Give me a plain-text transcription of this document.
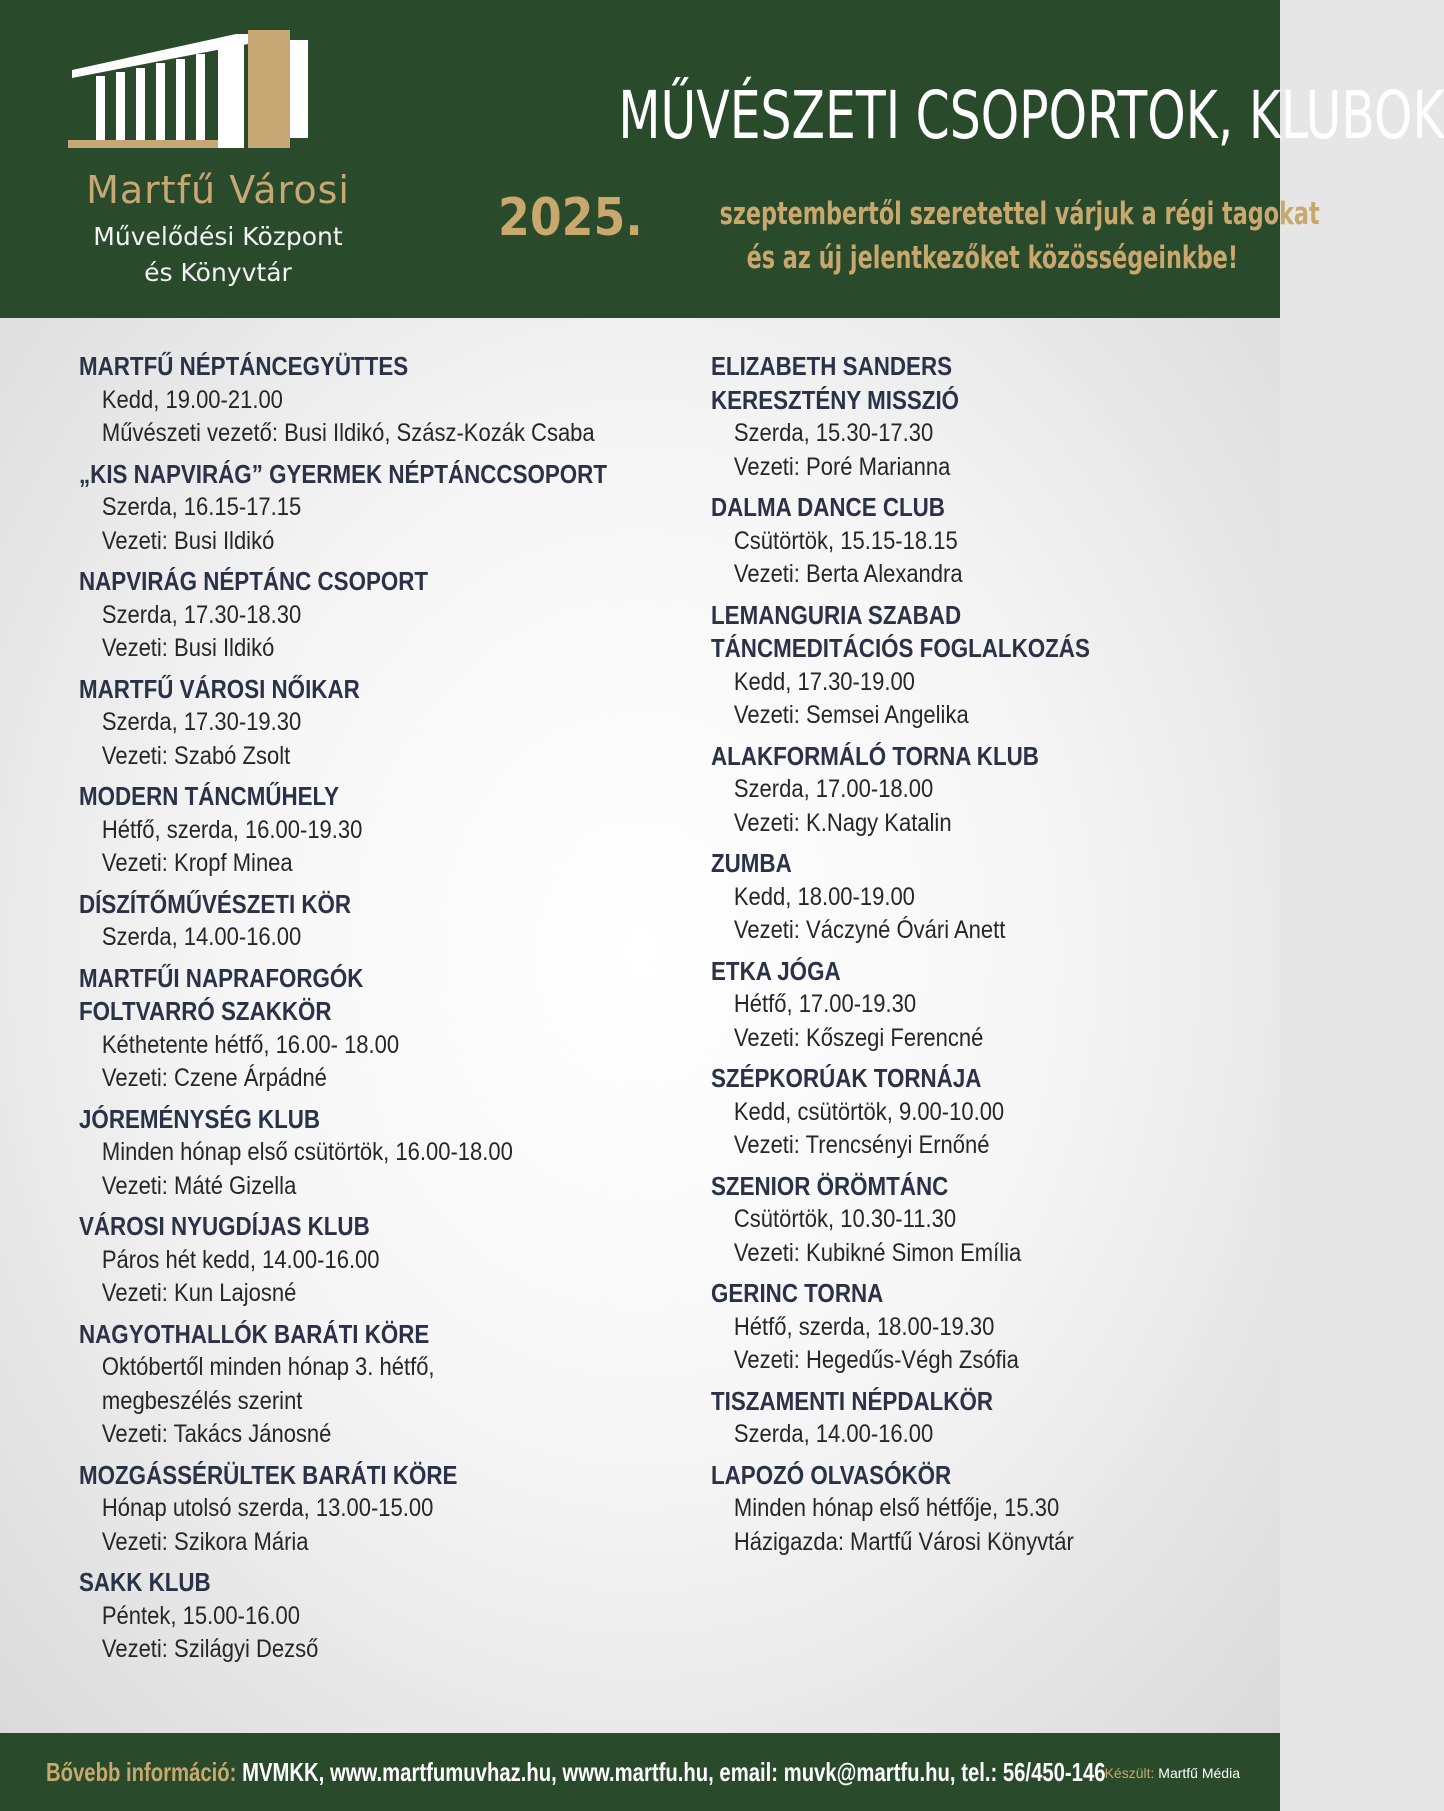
Martfű Városi
Művelődési Központ
és Könyvtár
MŰVÉSZETI CSOPORTOK, KLUBOK
2025. szeptembertől szeretettel várjuk a régi tagokat
és az új jelentkezőket közösségeinkbe!
MARTFŰ NÉPTÁNCEGYÜTTES
Kedd, 19.00-21.00
Művészeti vezető: Busi Ildikó, Szász-Kozák Csaba
„KIS NAPVIRÁG” GYERMEK NÉPTÁNCCSOPORT
Szerda, 16.15-17.15
Vezeti: Busi Ildikó
NAPVIRÁG NÉPTÁNC CSOPORT
Szerda, 17.30-18.30
Vezeti: Busi Ildikó
MARTFŰ VÁROSI NŐIKAR
Szerda, 17.30-19.30
Vezeti: Szabó Zsolt
MODERN TÁNCMŰHELY
Hétfő, szerda, 16.00-19.30
Vezeti: Kropf Minea
DÍSZÍTŐMŰVÉSZETI KÖR
Szerda, 14.00-16.00
MARTFŰI NAPRAFORGÓK
FOLTVARRÓ SZAKKÖR
Kéthetente hétfő, 16.00- 18.00
Vezeti: Czene Árpádné
JÓREMÉNYSÉG KLUB
Minden hónap első csütörtök, 16.00-18.00
Vezeti: Máté Gizella
VÁROSI NYUGDÍJAS KLUB
Páros hét kedd, 14.00-16.00
Vezeti: Kun Lajosné
NAGYOTHALLÓK BARÁTI KÖRE
Októbertől minden hónap 3. hétfő,
megbeszélés szerint
Vezeti: Takács Jánosné
MOZGÁSSÉRÜLTEK BARÁTI KÖRE
Hónap utolsó szerda, 13.00-15.00
Vezeti: Szikora Mária
SAKK KLUB
Péntek, 15.00-16.00
Vezeti: Szilágyi Dezső
ELIZABETH SANDERS
KERESZTÉNY MISSZIÓ
Szerda, 15.30-17.30
Vezeti: Poré Marianna
DALMA DANCE CLUB
Csütörtök, 15.15-18.15
Vezeti: Berta Alexandra
LEMANGURIA SZABAD
TÁNCMEDITÁCIÓS FOGLALKOZÁS
Kedd, 17.30-19.00
Vezeti: Semsei Angelika
ALAKFORMÁLÓ TORNA KLUB
Szerda, 17.00-18.00
Vezeti: K.Nagy Katalin
ZUMBA
Kedd, 18.00-19.00
Vezeti: Váczyné Óvári Anett
ETKA JÓGA
Hétfő, 17.00-19.30
Vezeti: Kőszegi Ferencné
SZÉPKORÚAK TORNÁJA
Kedd, csütörtök, 9.00-10.00
Vezeti: Trencsényi Ernőné
SZENIOR ÖRÖMTÁNC
Csütörtök, 10.30-11.30
Vezeti: Kubikné Simon Emília
GERINC TORNA
Hétfő, szerda, 18.00-19.30
Vezeti: Hegedűs-Végh Zsófia
TISZAMENTI NÉPDALKÖR
Szerda, 14.00-16.00
LAPOZÓ OLVASÓKÖR
Minden hónap első hétfője, 15.30
Házigazda: Martfű Városi Könyvtár
Bővebb információ: MVMKK, www.martfumuvhaz.hu, www.martfu.hu, email: muvk@martfu.hu, tel.: 56/450-146 Készült: Martfű Média
